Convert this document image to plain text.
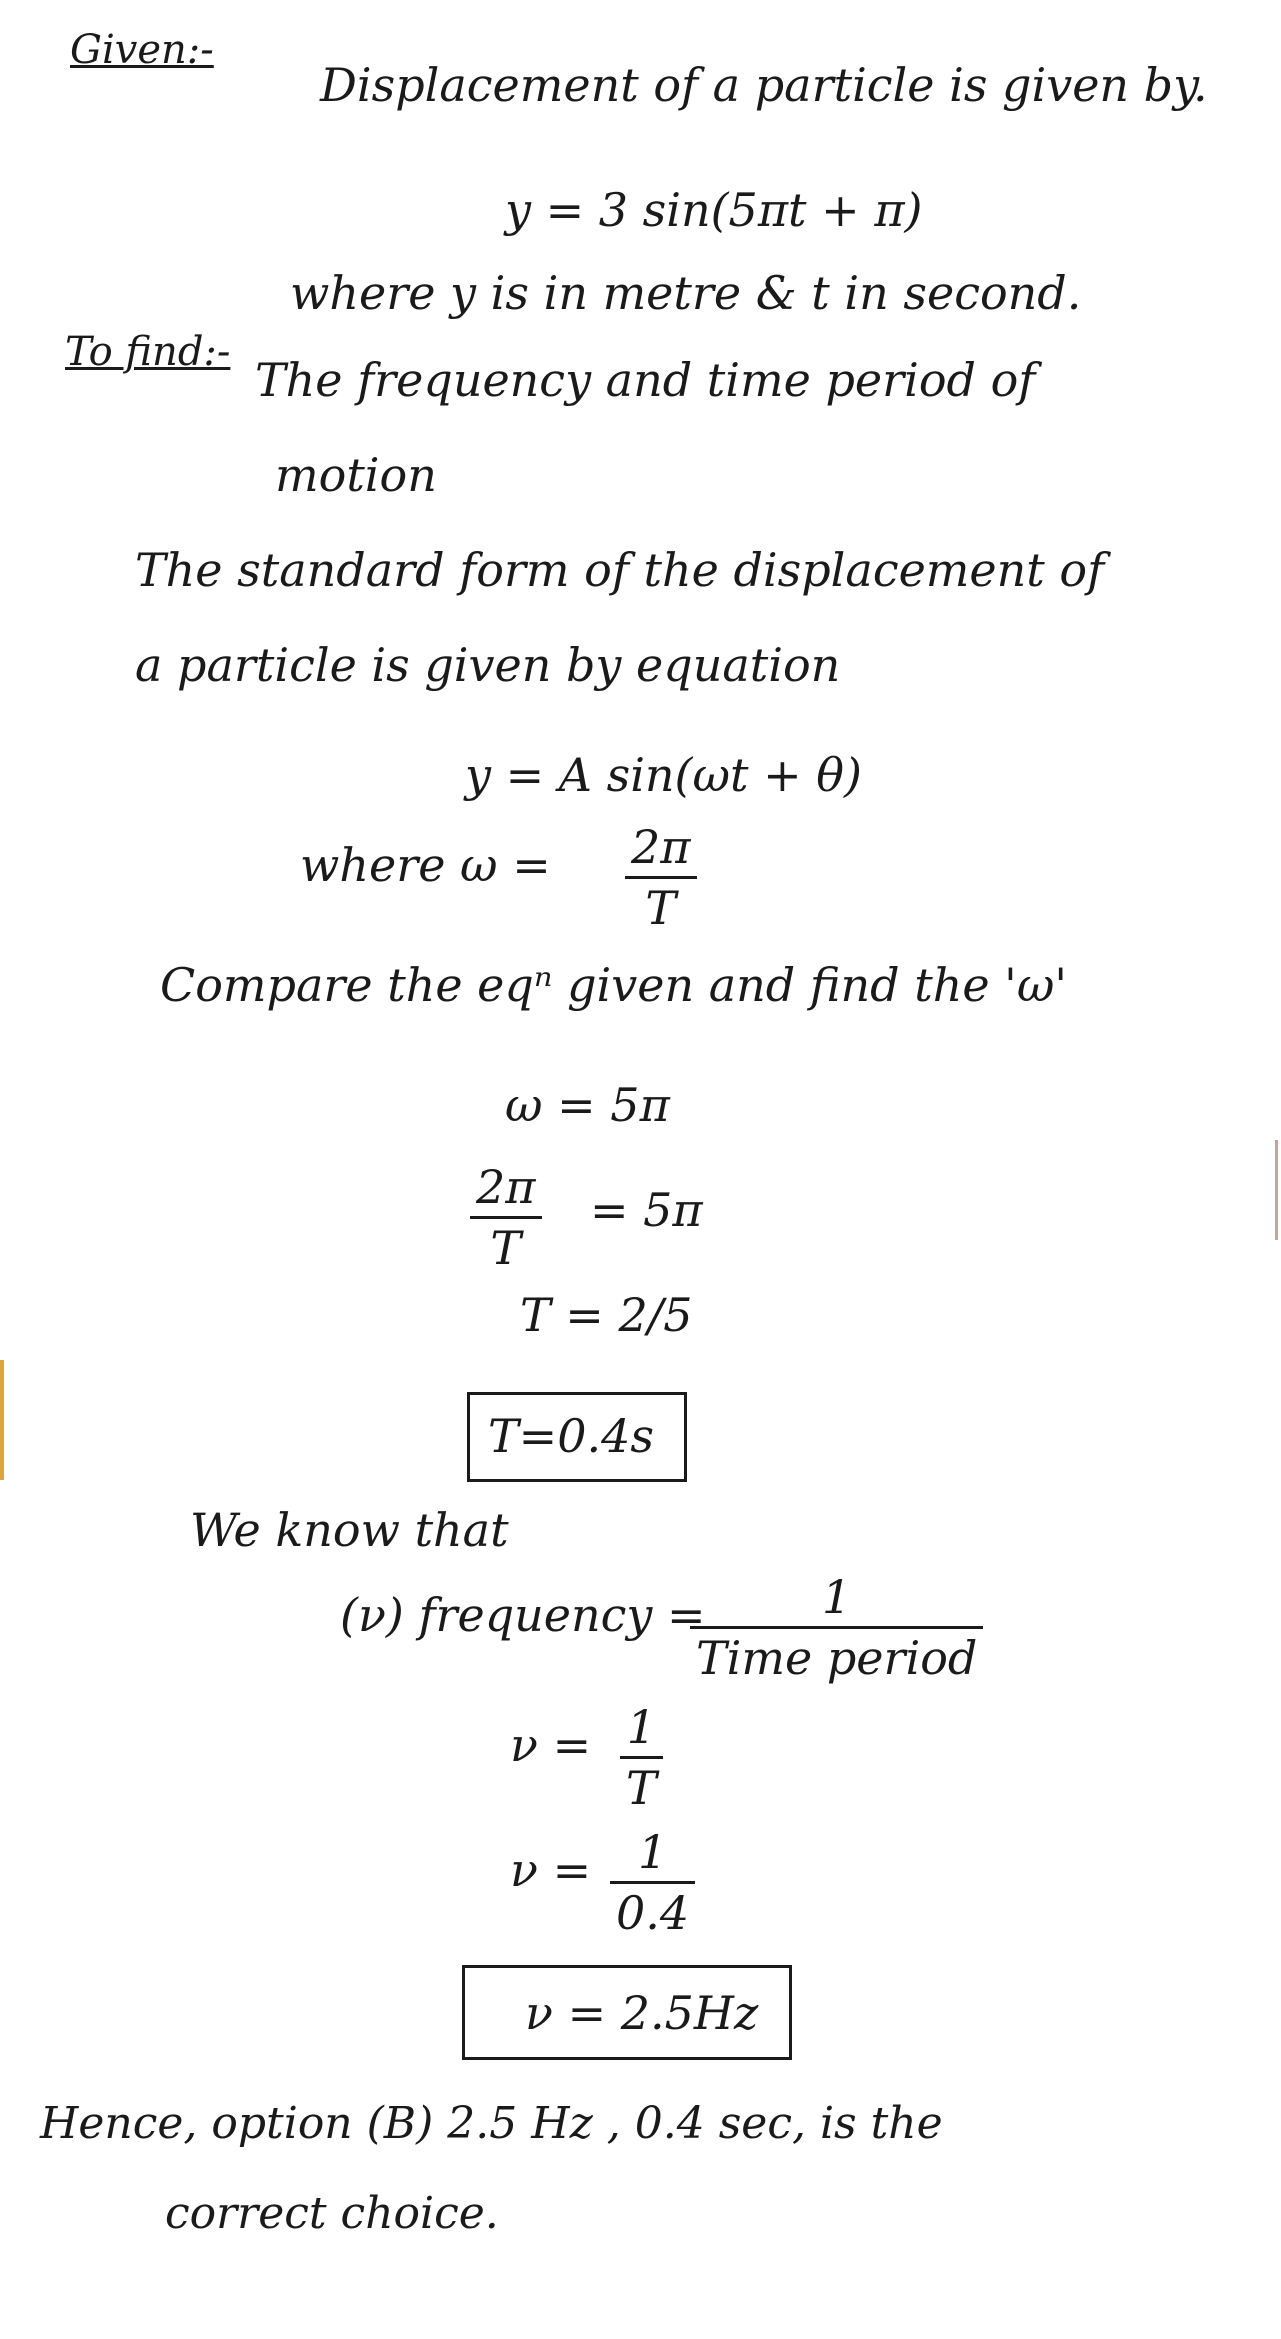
Given:-
Displacement of a particle is given by.
y = 3 sin(5πt + π)
where y is in metre & t in second.
To find:-
The frequency and time period of
motion
The standard form of the displacement of
a particle is given by equation
y = A sin(ωt + θ)
where ω = 2π
T
Compare the eqⁿ given and find the 'ω'
ω = 5π
2π
T
= 5π
T = 2/5
T=0.4s
We know that
(ν) frequency =	1
Time period
ν = 1
T
ν =	1
0.4
ν = 2.5Hz
Hence, option (B) 2.5 Hz , 0.4 sec, is the
correct choice.
